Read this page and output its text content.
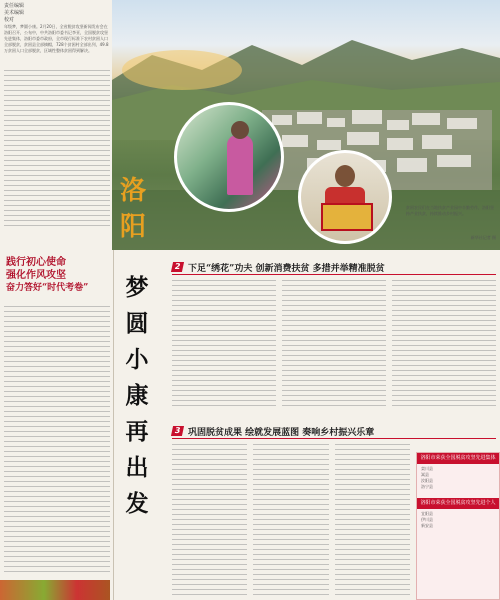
责任编辑
美术编辑
校对
年级梦，梦圆小康。2月20日，全省脱贫攻坚新闻发布会在洛阳召开，公布中，中共洛阳市委书记李亚，全国脱贫攻坚先进集体，洛阳市委市政府，全市现行标准下农村贫困人口全部脱贫，贫困县全部摘帽，728个贫困村全部出列，49.8万贫困人口全部脱贫，区域性整体贫困得到解决。
践行初心使命
强化作风攻坚
奋力答好“时代考卷”
洛
阳
梦
圆
小
康
再
出
发
贫困农民们在当地扶贫产业园中辛勤劳作，洛阳坚持产业扶贫，持续推动乡村振兴。
新华社记者 摄
2 下足“绣花”功夫 创新消费扶贫 多措并举精准脱贫
3 巩固脱贫成果 绘就发展蓝图 奏响乡村振兴乐章
洛阳市荣获全国脱贫攻坚先进集体
栾川县
嵩县
汝阳县
洛宁县
洛阳市荣获全国脱贫攻坚先进个人
宜阳县
伊川县
新安县
